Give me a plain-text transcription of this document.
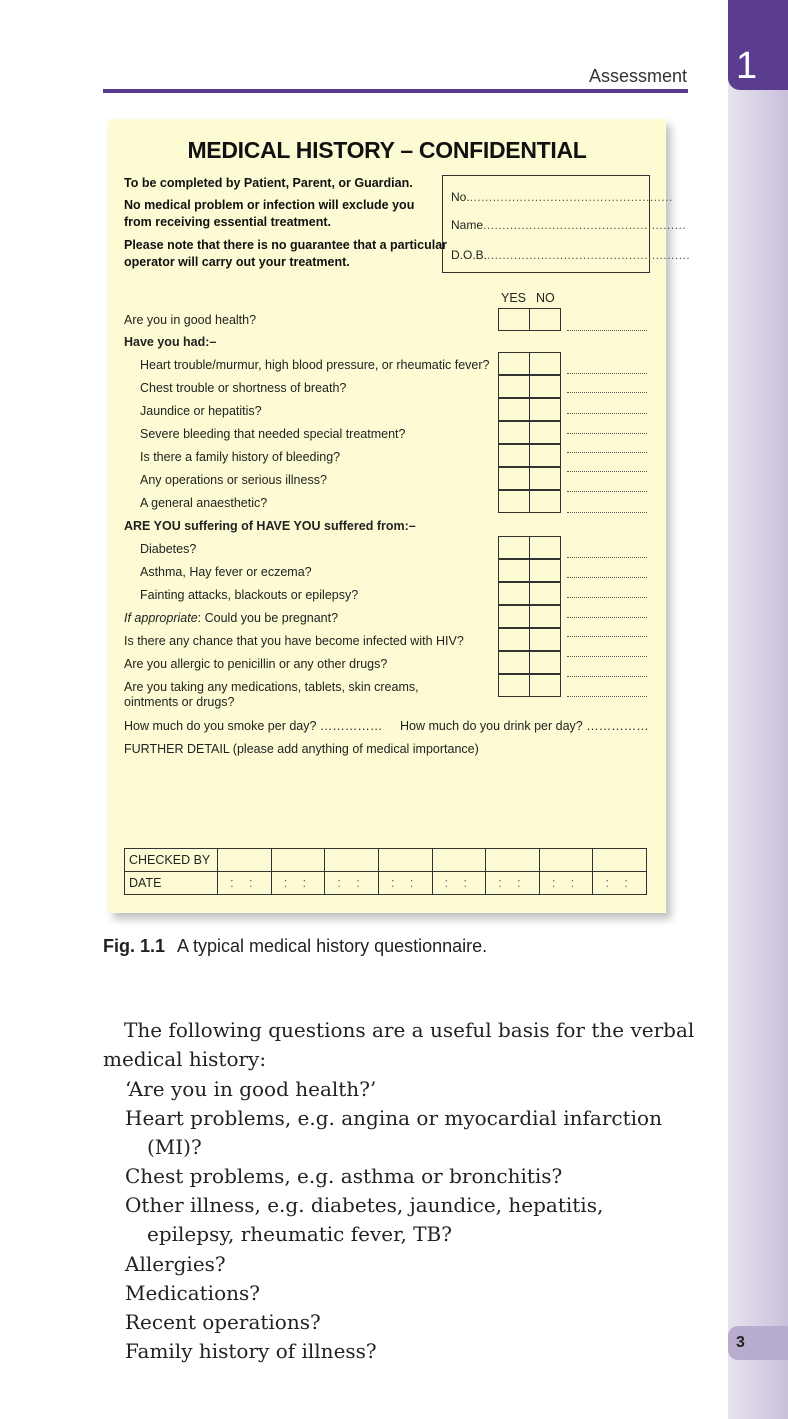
1
3
Assessment
MEDICAL HISTORY – CONFIDENTIAL
To be completed by Patient, Parent, or Guardian.
No medical problem or infection will exclude you
from receiving essential treatment.
Please note that there is no guarantee that a particular
operator will carry out your treatment.
No......................................................
Name.....................................................
D.O.B......................................................
YES NO
Are you in good health?
Have you had:–
Heart trouble/murmur, high blood pressure, or rheumatic fever?
Chest trouble or shortness of breath?
Jaundice or hepatitis?
Severe bleeding that needed special treatment?
Is there a family history of bleeding?
Any operations or serious illness?
A general anaesthetic?
ARE YOU suffering of HAVE YOU suffered from:–
Diabetes?
Asthma, Hay fever or eczema?
Fainting attacks, blackouts or epilepsy?
If appropriate: Could you be pregnant?
Is there any chance that you have become infected with HIV?
Are you allergic to penicillin or any other drugs?
Are you taking any medications, tablets, skin creams, ointments or drugs?
How much do you smoke per day? …………… How much do you drink per day? ……………
FURTHER DETAIL (please add anything of medical importance)
CHECKED BY								
DATE	: :	: :	: :	: :	: :	: :	: :	: :
Fig. 1.1 A typical medical history questionnaire.
The following questions are a useful basis for the verbal
medical history:
‘Are you in good health?’
Heart problems, e.g. angina or myocardial infarction
(MI)?
Chest problems, e.g. asthma or bronchitis?
Other illness, e.g. diabetes, jaundice, hepatitis,
epilepsy, rheumatic fever, TB?
Allergies?
Medications?
Recent operations?
Family history of illness?
